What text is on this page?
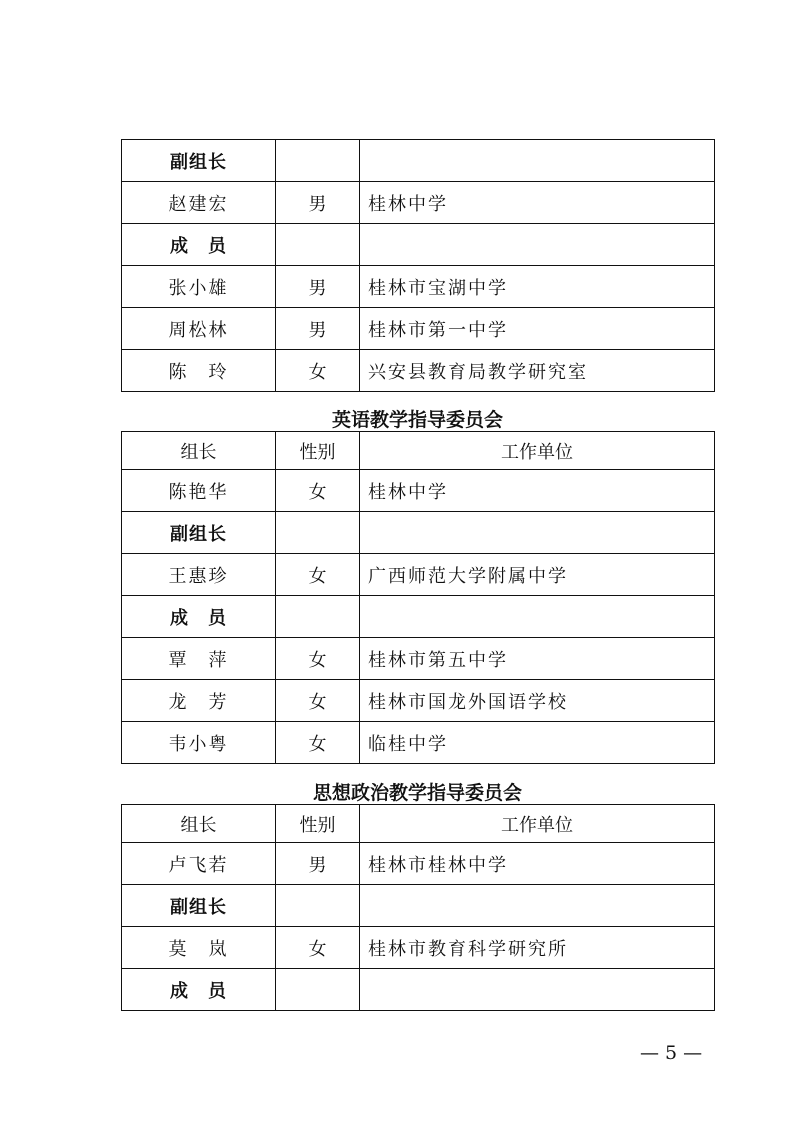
副组长		
赵建宏	男	桂林中学
成　员		
张小雄	男	桂林市宝湖中学
周松林	男	桂林市第一中学
陈　玲	女	兴安县教育局教学研究室
英语教学指导委员会
组长	性别	工作单位
陈艳华	女	桂林中学
副组长		
王惠珍	女	广西师范大学附属中学
成　员		
覃　萍	女	桂林市第五中学
龙　芳	女	桂林市国龙外国语学校
韦小粤	女	临桂中学
思想政治教学指导委员会
组长	性别	工作单位
卢飞若	男	桂林市桂林中学
副组长		
莫　岚	女	桂林市教育科学研究所
成　员		
— 5 —
